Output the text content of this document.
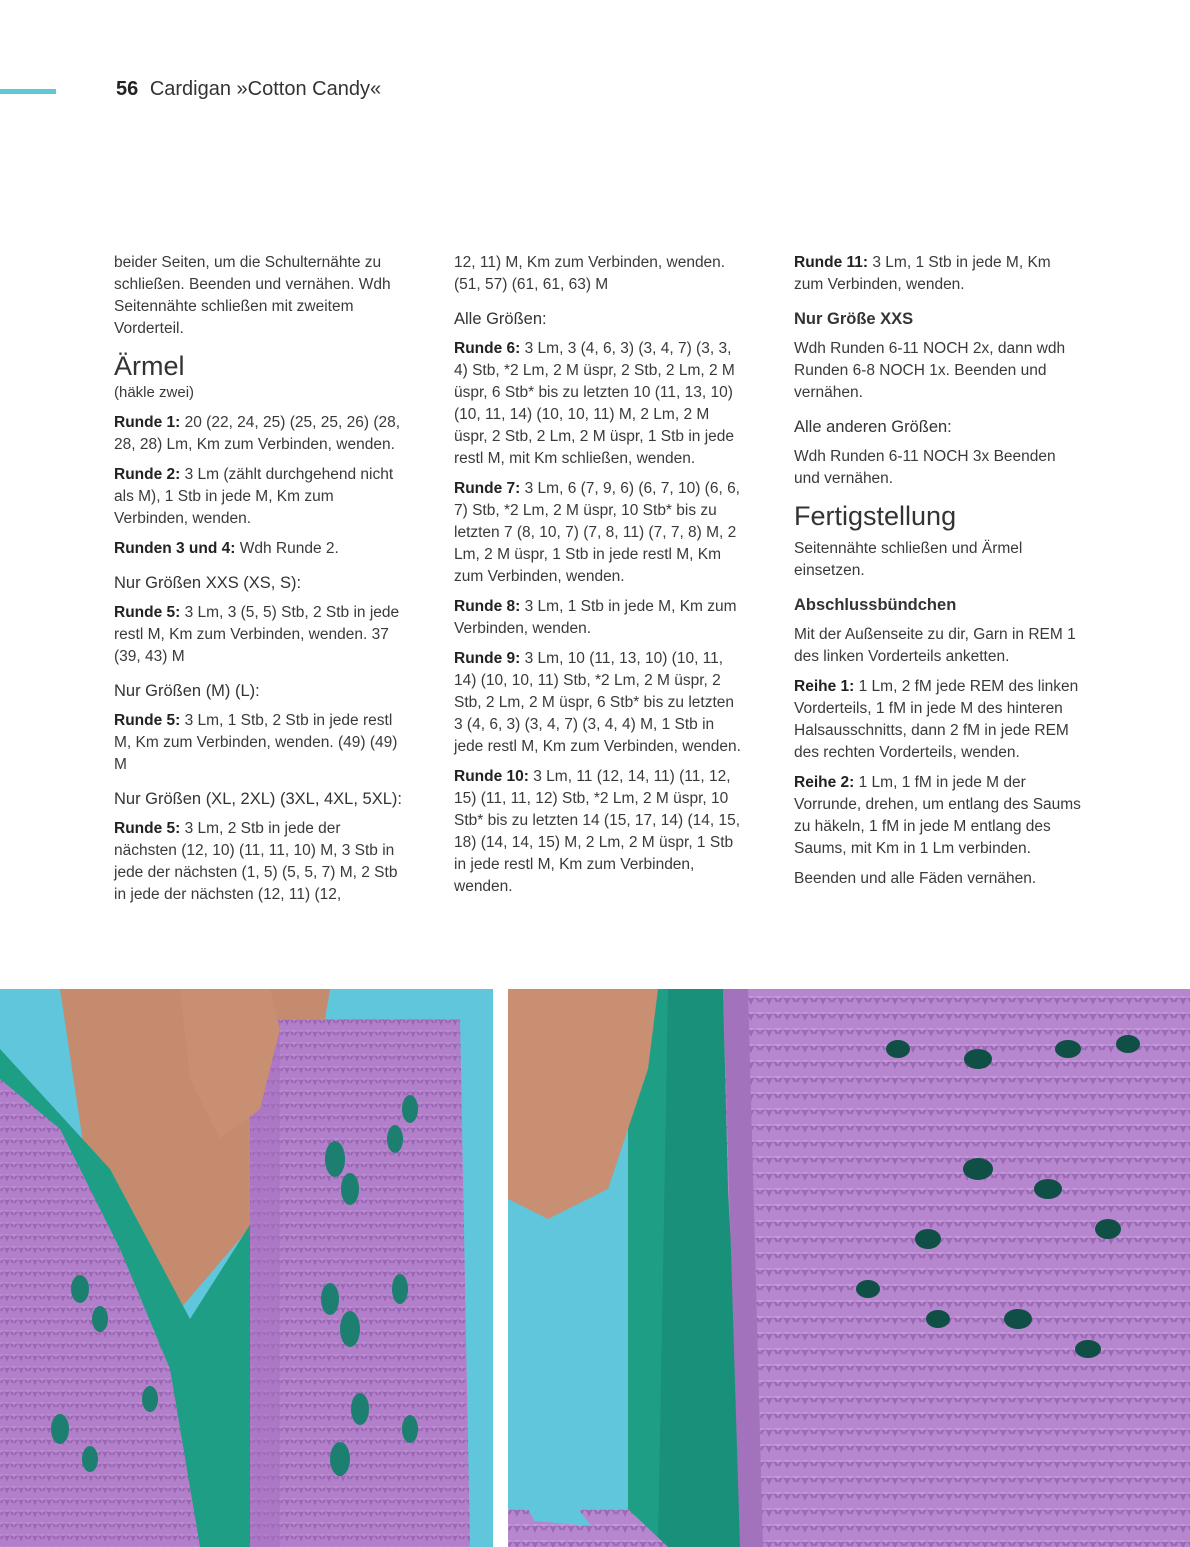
56 Cardigan »Cotton Candy«

beider Seiten, um die Schulternähte zu schließen. Beenden und vernähen. Wdh Seitennähte schließen mit zweitem Vorderteil.

Ärmel
(häkle zwei)

Runde 1: 20 (22, 24, 25) (25, 25, 26) (28, 28, 28) Lm, Km zum Verbinden, wenden.

Runde 2: 3 Lm (zählt durchgehend nicht als M), 1 Stb in jede M, Km zum Verbinden, wenden.

Runden 3 und 4: Wdh Runde 2.

Nur Größen XXS (XS, S):

Runde 5: 3 Lm, 3 (5, 5) Stb, 2 Stb in jede restl M, Km zum Verbinden, wenden. 37 (39, 43) M

Nur Größen (M) (L):

Runde 5: 3 Lm, 1 Stb, 2 Stb in jede restl M, Km zum Verbinden, wenden. (49) (49) M

Nur Größen (XL, 2XL) (3XL, 4XL, 5XL):

Runde 5: 3 Lm, 2 Stb in jede der nächsten (12, 10) (11, 11, 10) M, 3 Stb in jede der nächsten (1, 5) (5, 5, 7) M, 2 Stb in jede der nächsten (12, 11) (12,

12, 11) M, Km zum Verbinden, wenden. (51, 57) (61, 61, 63) M

Alle Größen:

Runde 6: 3 Lm, 3 (4, 6, 3) (3, 4, 7) (3, 3, 4) Stb, *2 Lm, 2 M üspr, 2 Stb, 2 Lm, 2 M üspr, 6 Stb* bis zu letzten 10 (11, 13, 10) (10, 11, 14) (10, 10, 11) M, 2 Lm, 2 M üspr, 2 Stb, 2 Lm, 2 M üspr, 1 Stb in jede restl M, mit Km schließen, wenden.

Runde 7: 3 Lm, 6 (7, 9, 6) (6, 7, 10) (6, 6, 7) Stb, *2 Lm, 2 M üspr, 10 Stb* bis zu letzten 7 (8, 10, 7) (7, 8, 11) (7, 7, 8) M, 2 Lm, 2 M üspr, 1 Stb in jede restl M, Km zum Verbinden, wenden.

Runde 8: 3 Lm, 1 Stb in jede M, Km zum Verbinden, wenden.

Runde 9: 3 Lm, 10 (11, 13, 10) (10, 11, 14) (10, 10, 11) Stb, *2 Lm, 2 M üspr, 2 Stb, 2 Lm, 2 M üspr, 6 Stb* bis zu letzten 3 (4, 6, 3) (3, 4, 7) (3, 4, 4) M, 1 Stb in jede restl M, Km zum Verbinden, wenden.

Runde 10: 3 Lm, 11 (12, 14, 11) (11, 12, 15) (11, 11, 12) Stb, *2 Lm, 2 M üspr, 10 Stb* bis zu letzten 14 (15, 17, 14) (14, 15, 18) (14, 14, 15) M, 2 Lm, 2 M üspr, 1 Stb in jede restl M, Km zum Verbinden, wenden.

Runde 11: 3 Lm, 1 Stb in jede M, Km zum Verbinden, wenden.

Nur Größe XXS

Wdh Runden 6-11 NOCH 2x, dann wdh Runden 6-8 NOCH 1x. Beenden und vernähen.

Alle anderen Größen:

Wdh Runden 6-11 NOCH 3x Beenden und vernähen.

Fertigstellung

Seitennähte schließen und Ärmel einsetzen.

Abschlussbündchen

Mit der Außenseite zu dir, Garn in REM 1 des linken Vorderteils anketten.

Reihe 1: 1 Lm, 2 fM jede REM des linken Vorderteils, 1 fM in jede M des hinteren Halsausschnitts, dann 2 fM in jede REM des rechten Vorderteils, wenden.

Reihe 2: 1 Lm, 1 fM in jede M der Vorrunde, drehen, um entlang des Saums zu häkeln, 1 fM in jede M entlang des Saums, mit Km in 1 Lm verbinden.

Beenden und alle Fäden vernähen.
